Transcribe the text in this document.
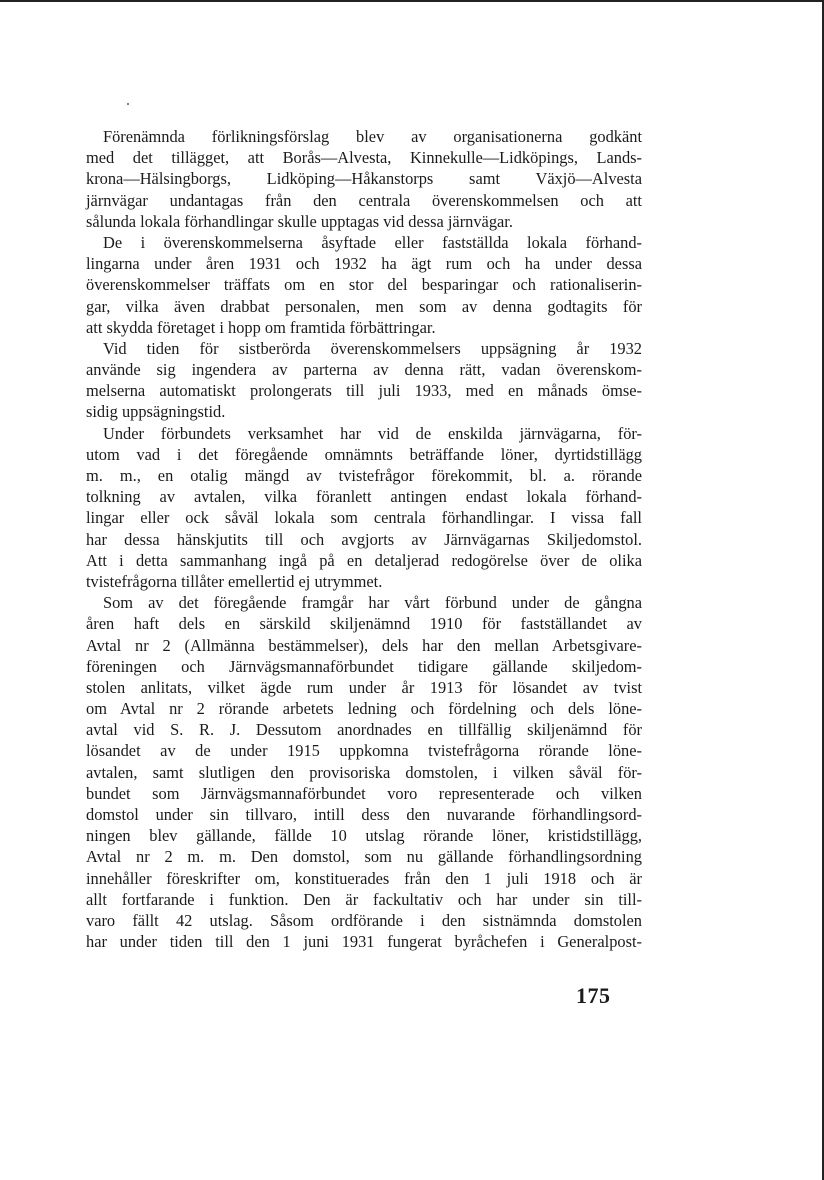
Förenämnda förlikningsförslag blev av organisationerna godkänt
med det tillägget, att Borås—Alvesta, Kinnekulle—Lidköpings, Lands-
krona—Hälsingborgs, Lidköping—Håkanstorps samt Växjö—Alvesta
järnvägar undantagas från den centrala överenskommelsen och att
sålunda lokala förhandlingar skulle upptagas vid dessa järnvägar.
De i överenskommelserna åsyftade eller fastställda lokala förhand-
lingarna under åren 1931 och 1932 ha ägt rum och ha under dessa
överenskommelser träffats om en stor del besparingar och rationaliserin-
gar, vilka även drabbat personalen, men som av denna godtagits för
att skydda företaget i hopp om framtida förbättringar.
Vid tiden för sistberörda överenskommelsers uppsägning år 1932
använde sig ingendera av parterna av denna rätt, vadan överenskom-
melserna automatiskt prolongerats till juli 1933, med en månads ömse-
sidig uppsägningstid.
Under förbundets verksamhet har vid de enskilda järnvägarna, för-
utom vad i det föregående omnämnts beträffande löner, dyrtidstillägg
m. m., en otalig mängd av tvistefrågor förekommit, bl. a. rörande
tolkning av avtalen, vilka föranlett antingen endast lokala förhand-
lingar eller ock såväl lokala som centrala förhandlingar. I vissa fall
har dessa hänskjutits till och avgjorts av Järnvägarnas Skiljedomstol.
Att i detta sammanhang ingå på en detaljerad redogörelse över de olika
tvistefrågorna tillåter emellertid ej utrymmet.
Som av det föregående framgår har vårt förbund under de gångna
åren haft dels en särskild skiljenämnd 1910 för fastställandet av
Avtal nr 2 (Allmänna bestämmelser), dels har den mellan Arbetsgivare-
föreningen och Järnvägsmannaförbundet tidigare gällande skiljedom-
stolen anlitats, vilket ägde rum under år 1913 för lösandet av tvist
om Avtal nr 2 rörande arbetets ledning och fördelning och dels löne-
avtal vid S. R. J. Dessutom anordnades en tillfällig skiljenämnd för
lösandet av de under 1915 uppkomna tvistefrågorna rörande löne-
avtalen, samt slutligen den provisoriska domstolen, i vilken såväl för-
bundet som Järnvägsmannaförbundet voro representerade och vilken
domstol under sin tillvaro, intill dess den nuvarande förhandlingsord-
ningen blev gällande, fällde 10 utslag rörande löner, kristidstillägg,
Avtal nr 2 m. m. Den domstol, som nu gällande förhandlingsordning
innehåller föreskrifter om, konstituerades från den 1 juli 1918 och är
allt fortfarande i funktion. Den är fackultativ och har under sin till-
varo fällt 42 utslag. Såsom ordförande i den sistnämnda domstolen
har under tiden till den 1 juni 1931 fungerat byråchefen i Generalpost-
175
